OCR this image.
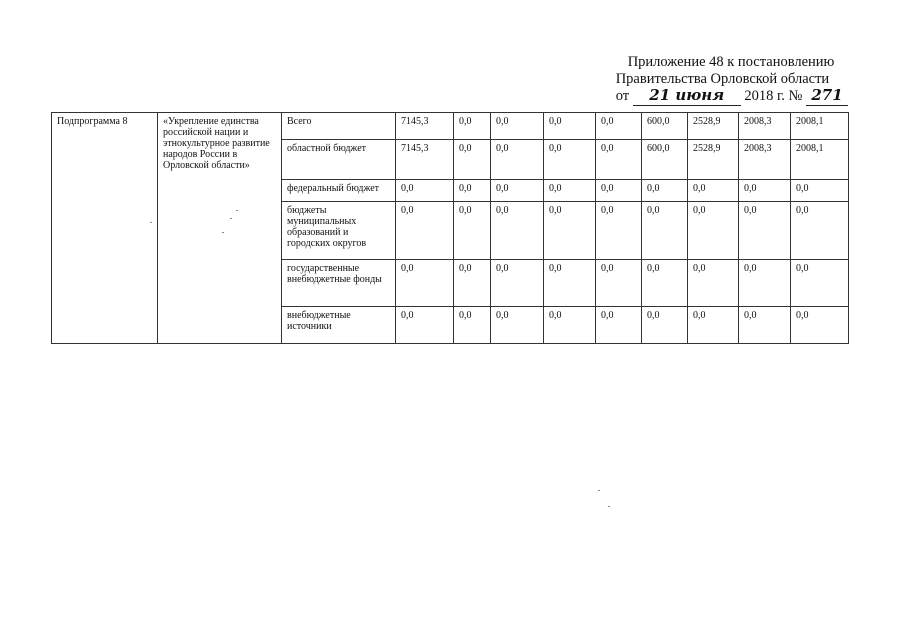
Приложение 48 к постановлению
Правительства Орловской области
от 21 июня 2018 г. № 271
Подпрограмма 8	«Укрепление единства российской нации и этнокультурное развитие народов России в Орловской области»	Всего	7145,3	0,0	0,0	0,0	0,0	600,0	2528,9	2008,3	2008,1
		областной бюджет	7145,3	0,0	0,0	0,0	0,0	600,0	2528,9	2008,3	2008,1
		федеральный бюджет	0,0	0,0	0,0	0,0	0,0	0,0	0,0	0,0	0,0
		бюджеты муниципальных образований и городских округов	0,0	0,0	0,0	0,0	0,0	0,0	0,0	0,0	0,0
		государственные внебюджетные фонды	0,0	0,0	0,0	0,0	0,0	0,0	0,0	0,0	0,0
		внебюджетные источники	0,0	0,0	0,0	0,0	0,0	0,0	0,0	0,0	0,0
